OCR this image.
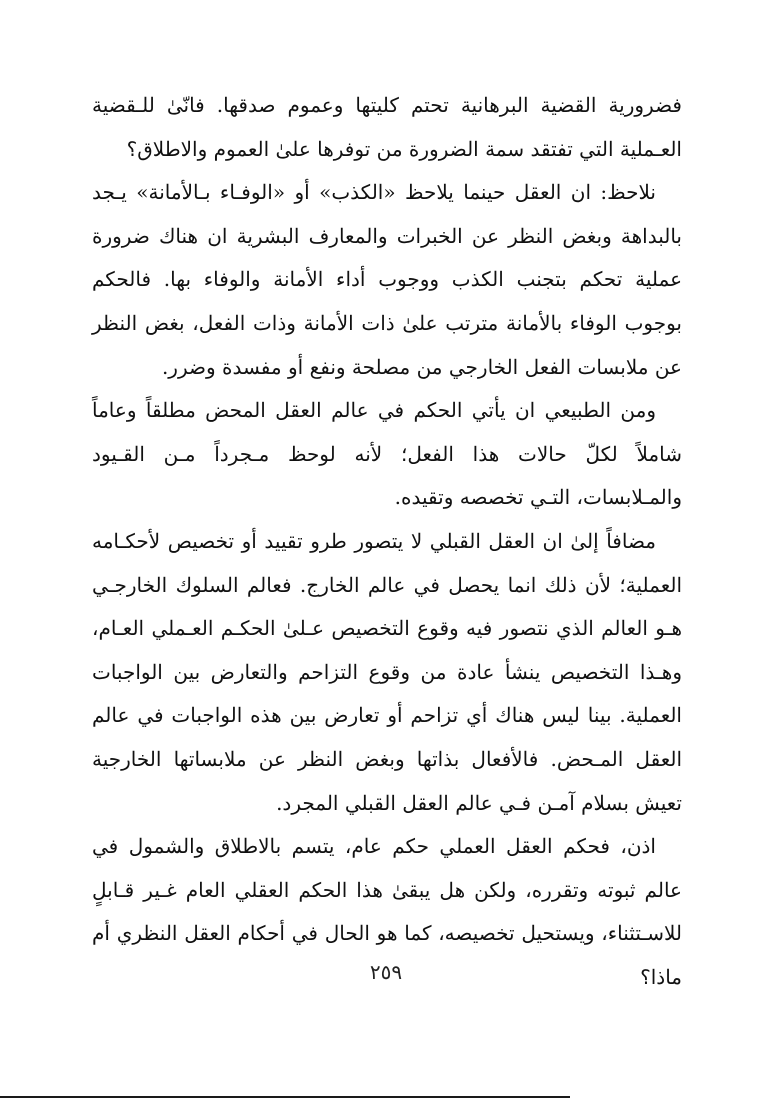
فضرورية القضية البرهانية تحتم كليتها وعموم صدقها. فانّىٰ للـقضية العـملية التي تفتقد سمة الضرورة من توفرها علىٰ العموم والاطلاق؟

نلاحظ: ان العقل حينما يلاحظ «الكذب» أو «الوفـاء بـالأمانة» يـجد بالبداهة وبغض النظر عن الخبرات والمعارف البشرية ان هناك ضرورة عملية تحكم بتجنب الكذب ووجوب أداء الأمانة والوفاء بها. فالحكم بوجوب الوفاء بالأمانة مترتب علىٰ ذات الأمانة وذات الفعل، بغض النظر عن ملابسات الفعل الخارجي من مصلحة ونفع أو مفسدة وضرر.

ومن الطبيعي ان يأتي الحكم في عالم العقل المحض مطلقاً وعاماً شاملاً لكلّ حالات هذا الفعل؛ لأنه لوحظ مـجرداً مـن القـيود والمـلابسات، التـي تخصصه وتقيده.

مضافاً إلىٰ ان العقل القبلي لا يتصور طرو تقييد أو تخصيص لأحكـامه العملية؛ لأن ذلك انما يحصل في عالم الخارج. فعالم السلوك الخارجـي هـو العالم الذي نتصور فيه وقوع التخصيص عـلىٰ الحكـم العـملي العـام، وهـذا التخصيص ينشأ عادة من وقوع التزاحم والتعارض بين الواجبات العملية. بينا ليس هناك أي تزاحم أو تعارض بين هذه الواجبات في عالم العقل المـحض. فالأفعال بذاتها وبغض النظر عن ملابساتها الخارجية تعيش بسلام آمـن فـي عالم العقل القبلي المجرد.

اذن، فحكم العقل العملي حكم عام، يتسم بالاطلاق والشمول في عالم ثبوته وتقرره، ولكن هل يبقىٰ هذا الحكم العقلي العام غـير قـابلٍ للاسـتثناء، ويستحيل تخصيصه، كما هو الحال في أحكام العقل النظري أم ماذا؟

٢٥٩
